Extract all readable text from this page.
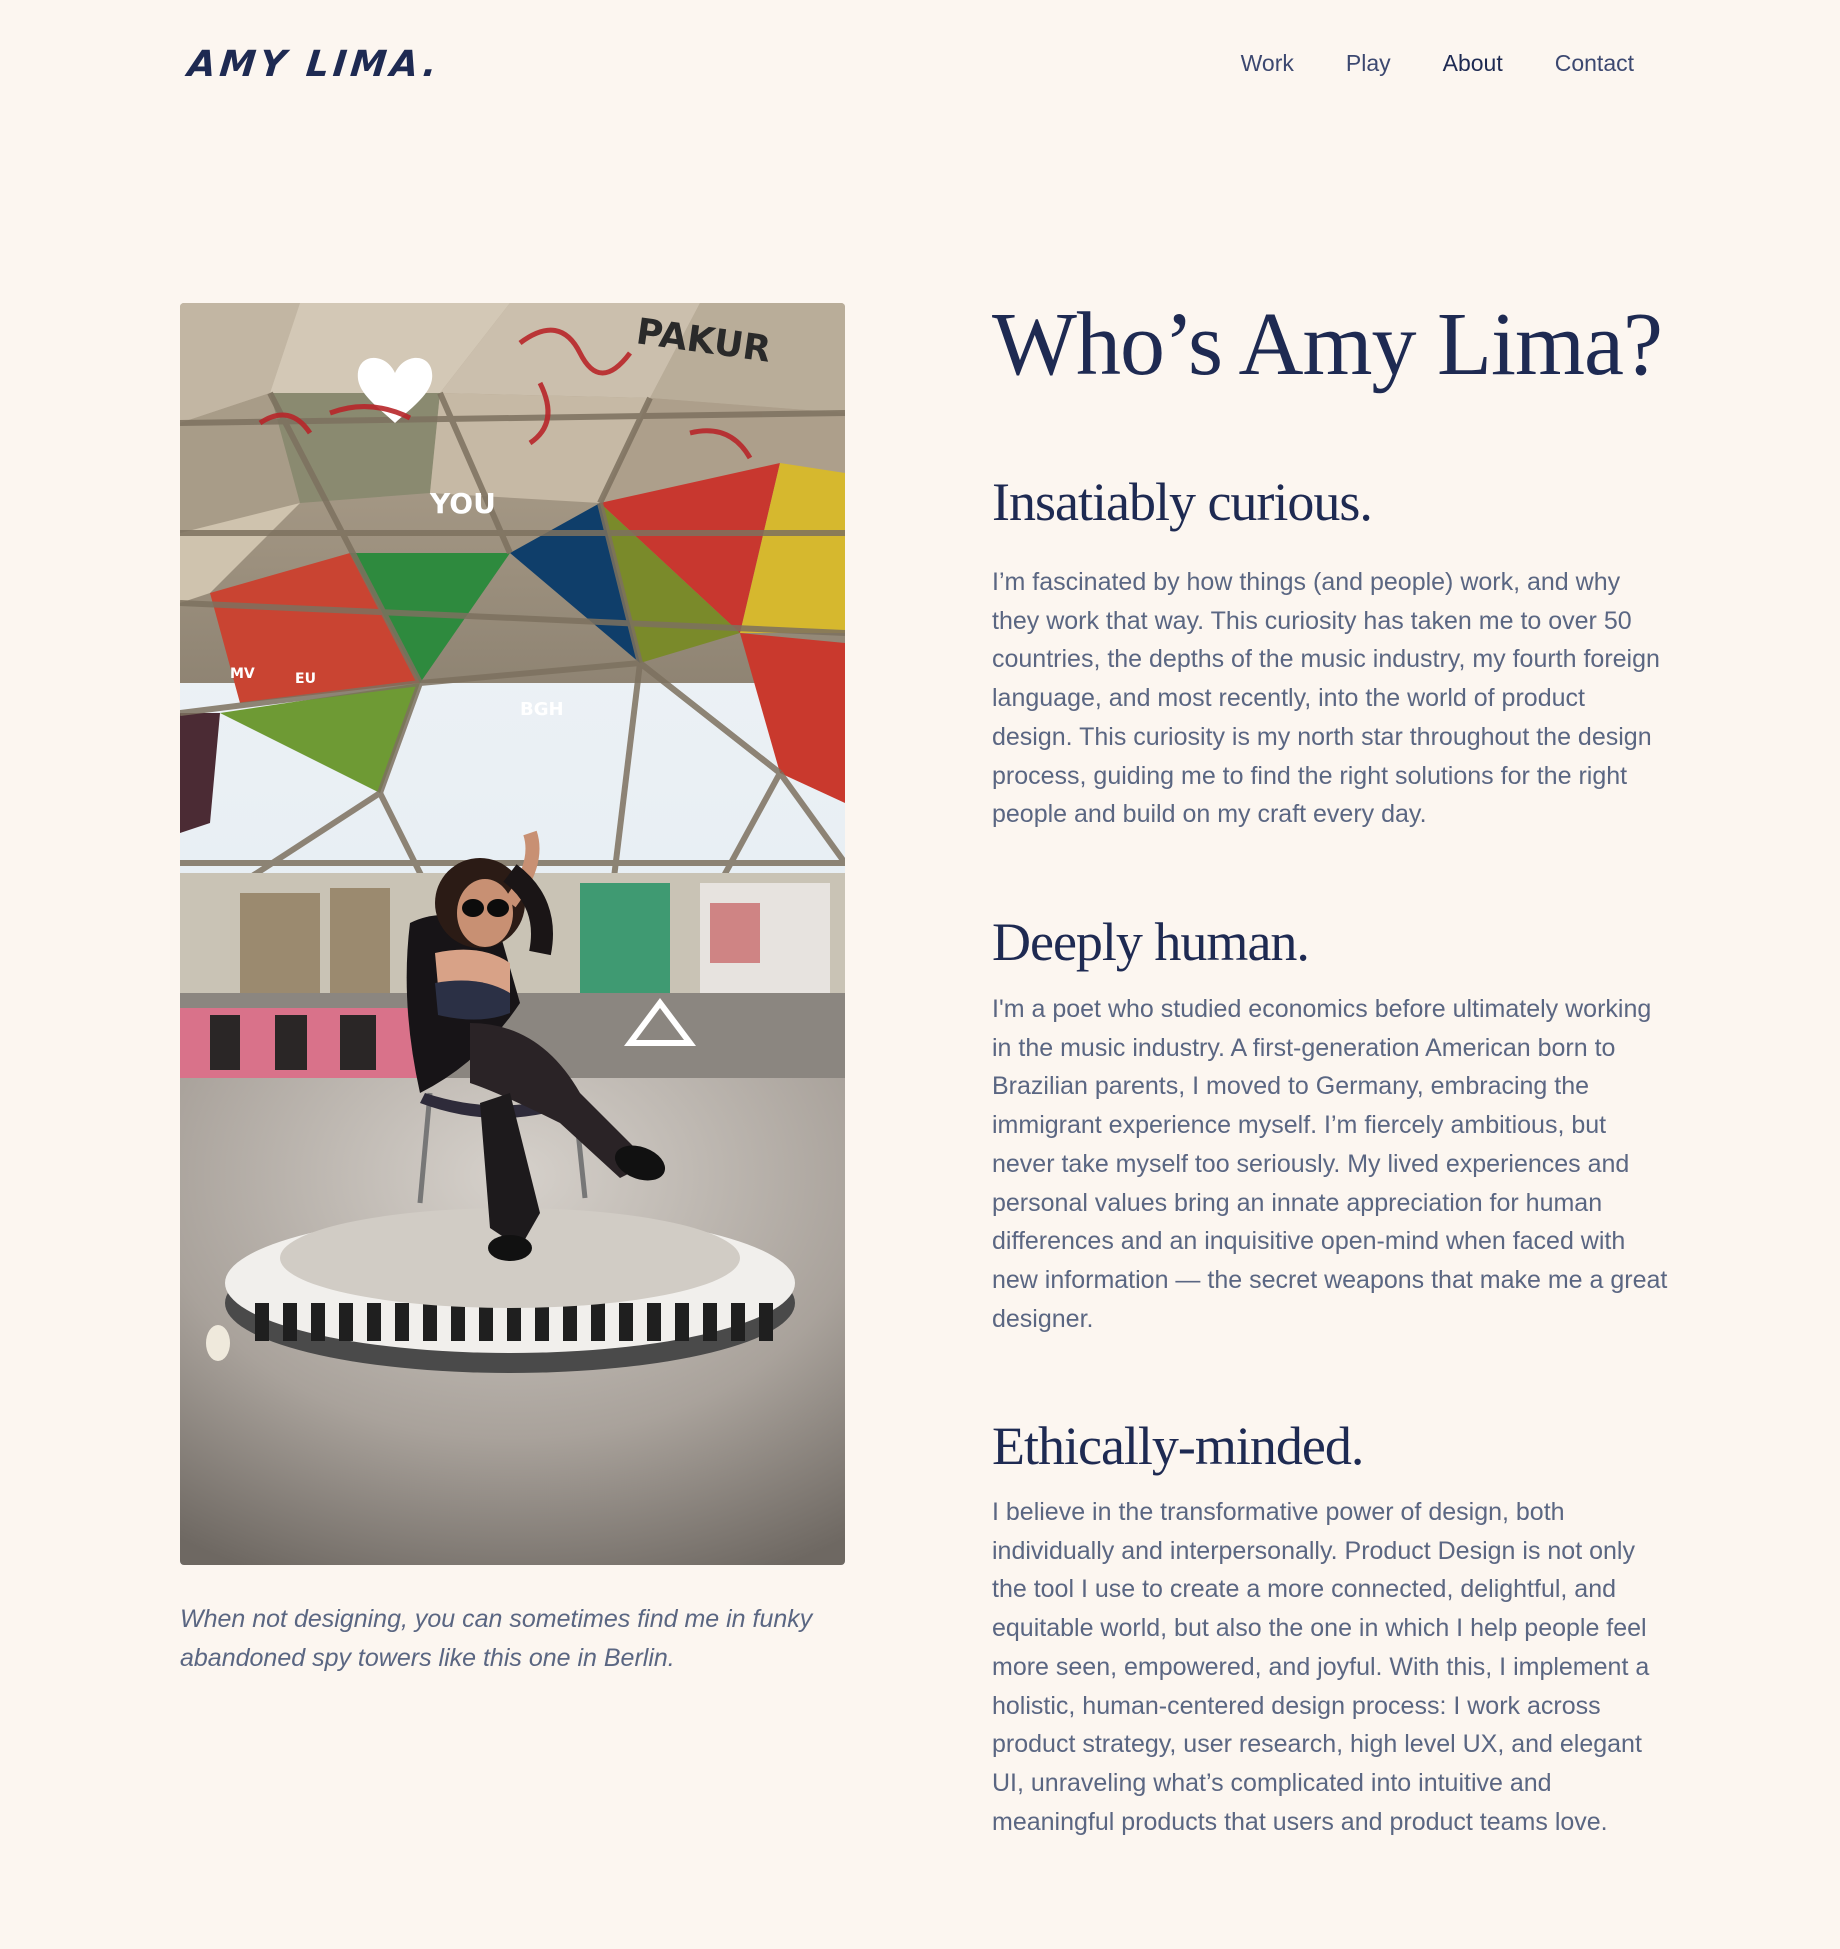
AMY LIMA.	Work Play About Contact
PAKUR
YOU
BGH
EU
MV

When not designing, you can sometimes find me in funky abandoned spy towers like this one in Berlin.

Who’s Amy Lima?
Insatiably curious.

I’m fascinated by how things (and people) work, and why they work that way. This curiosity has taken me to over 50 countries, the depths of the music industry, my fourth foreign language, and most recently, into the world of product design. This curiosity is my north star throughout the design process, guiding me to find the right solutions for the right people and build on my craft every day.

Deeply human.

I'm a poet who studied economics before ultimately working in the music industry. A first-generation American born to Brazilian parents, I moved to Germany, embracing the immigrant experience myself. I’m fiercely ambitious, but never take myself too seriously. My lived experiences and personal values bring an innate appreciation for human differences and an inquisitive open-mind when faced with new information — the secret weapons that make me a great designer.

Ethically-minded.

I believe in the transformative power of design, both individually and interpersonally. Product Design is not only the tool I use to create a more connected, delightful, and equitable world, but also the one in which I help people feel more seen, empowered, and joyful. With this, I implement a holistic, human-centered design process: I work across product strategy, user research, high level UX, and elegant UI, unraveling what’s complicated into intuitive and meaningful products that users and product teams love.
